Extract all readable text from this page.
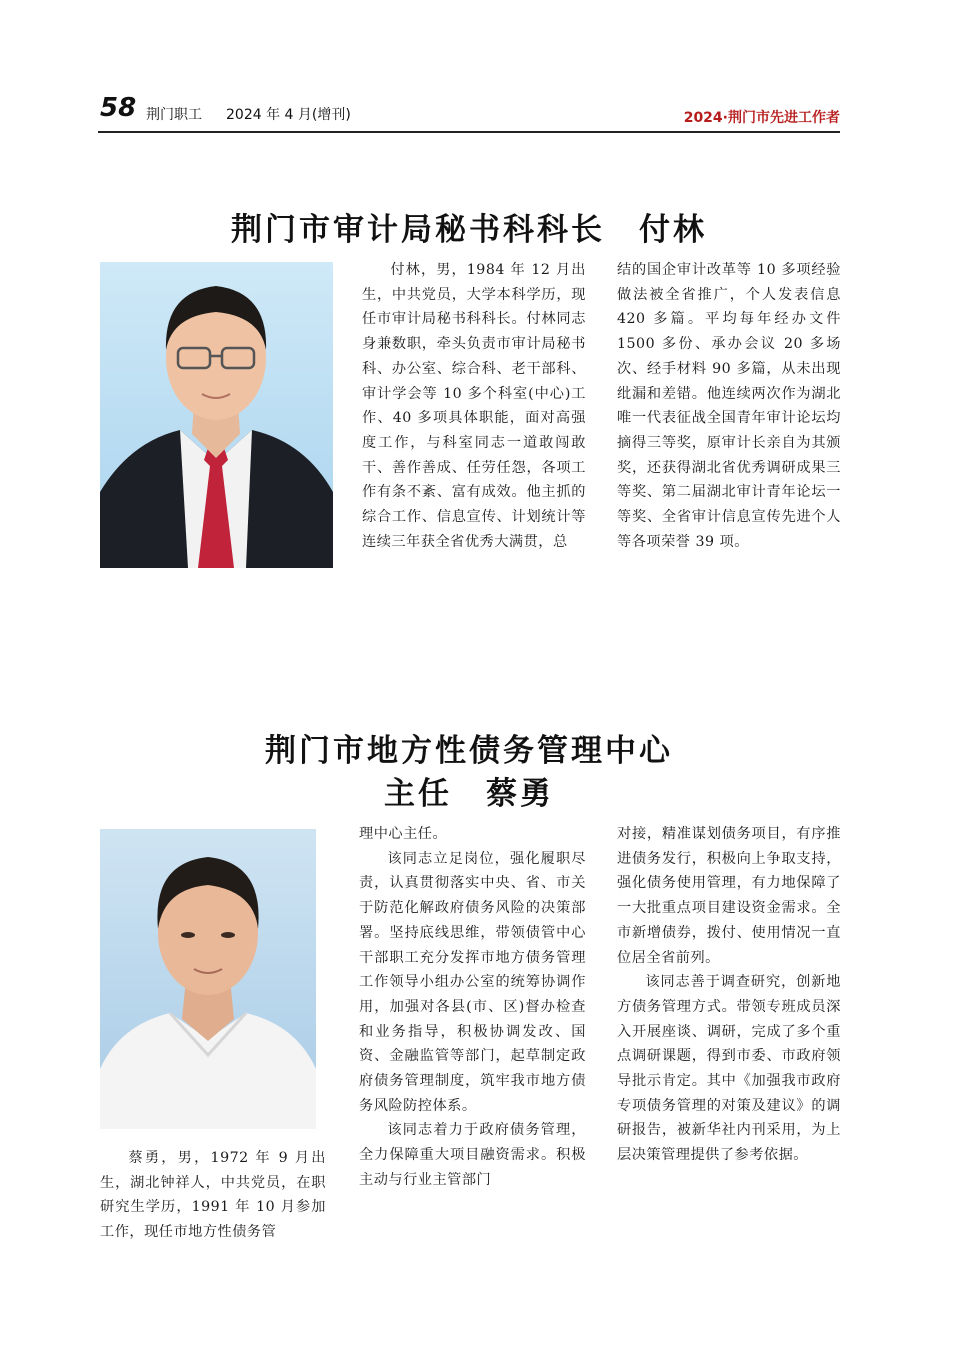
58 荆门职工 2024 年 4 月(增刊)	2024·荆门市先进工作者
荆门市审计局秘书科科长　付林

付林，男，1984 年 12 月出生，中共党员，大学本科学历，现任市审计局秘书科科长。付林同志身兼数职，牵头负责市审计局秘书科、办公室、综合科、老干部科、审计学会等 10 多个科室(中心)工作、40 多项具体职能，面对高强度工作，与科室同志一道敢闯敢干、善作善成、任劳任怨，各项工作有条不紊、富有成效。他主抓的综合工作、信息宣传、计划统计等连续三年获全省优秀大满贯，总

结的国企审计改革等 10 多项经验做法被全省推广，个人发表信息 420 多篇。平均每年经办文件 1500 多份、承办会议 20 多场次、经手材料 90 多篇，从未出现纰漏和差错。他连续两次作为湖北唯一代表征战全国青年审计论坛均摘得三等奖，原审计长亲自为其颁奖，还获得湖北省优秀调研成果三等奖、第二届湖北审计青年论坛一等奖、全省审计信息宣传先进个人等各项荣誉 39 项。

荆门市地方性债务管理中心
主任　蔡勇

蔡勇，男，1972 年 9 月出生，湖北钟祥人，中共党员，在职研究生学历，1991 年 10 月参加工作，现任市地方性债务管

理中心主任。

该同志立足岗位，强化履职尽责，认真贯彻落实中央、省、市关于防范化解政府债务风险的决策部署。坚持底线思维，带领债管中心干部职工充分发挥市地方债务管理工作领导小组办公室的统筹协调作用，加强对各县(市、区)督办检查和业务指导，积极协调发改、国资、金融监管等部门，起草制定政府债务管理制度，筑牢我市地方债务风险防控体系。

该同志着力于政府债务管理，全力保障重大项目融资需求。积极主动与行业主管部门

对接，精准谋划债务项目，有序推进债务发行，积极向上争取支持，强化债务使用管理，有力地保障了一大批重点项目建设资金需求。全市新增债券，拨付、使用情况一直位居全省前列。

该同志善于调查研究，创新地方债务管理方式。带领专班成员深入开展座谈、调研，完成了多个重点调研课题，得到市委、市政府领导批示肯定。其中《加强我市政府专项债务管理的对策及建议》的调研报告，被新华社内刊采用，为上层决策管理提供了参考依据。
